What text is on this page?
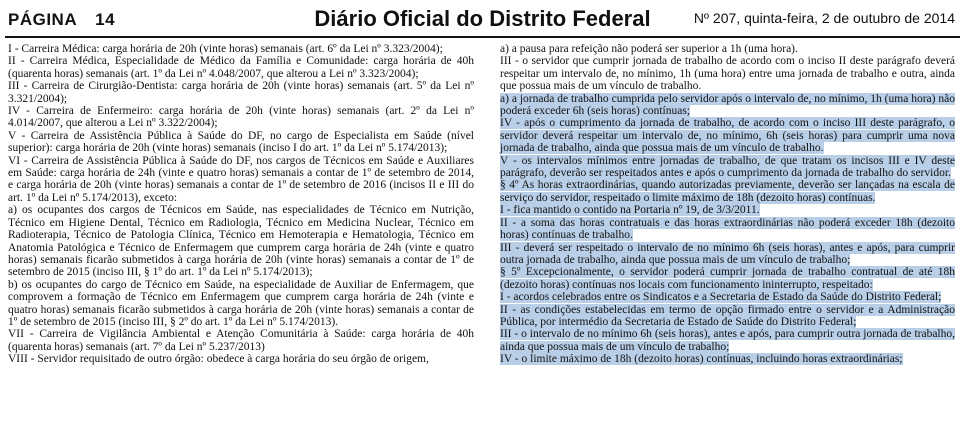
PÁGINA 14	Diário Oficial do Distrito Federal	Nº 207, quinta-feira, 2 de outubro de 2014

I - Carreira Médica: carga horária de 20h (vinte horas) semanais (art. 6º da Lei nº 3.323/2004);

II - Carreira Médica, Especialidade de Médico da Família e Comunidade: carga horária de 40h (quarenta horas) semanais (art. 1º da Lei nº 4.048/2007, que alterou a Lei nº 3.323/2004);

III - Carreira de Cirurgião-Dentista: carga horária de 20h (vinte horas) semanais (art. 5º da Lei nº 3.321/2004);

IV - Carreira de Enfermeiro: carga horária de 20h (vinte horas) semanais (art. 2º da Lei nº 4.014/2007, que alterou a Lei nº 3.322/2004);

V - Carreira de Assistência Pública à Saúde do DF, no cargo de Especialista em Saúde (nível superior): carga horária de 20h (vinte horas) semanais (inciso I do art. 1º da Lei nº 5.174/2013);

VI - Carreira de Assistência Pública à Saúde do DF, nos cargos de Técnicos em Saúde e Auxiliares em Saúde: carga horária de 24h (vinte e quatro horas) semanais a contar de 1º de setembro de 2014, e carga horária de 20h (vinte horas) semanais a contar de 1º de setembro de 2016 (incisos II e III do art. 1º da Lei nº 5.174/2013), exceto:

a) os ocupantes dos cargos de Técnicos em Saúde, nas especialidades de Técnico em Nutrição, Técnico em Higiene Dental, Técnico em Radiologia, Técnico em Medicina Nuclear, Técnico em Radioterapia, Técnico de Patologia Clínica, Técnico em Hemoterapia e Hematologia, Técnico em Anatomia Patológica e Técnico de Enfermagem que cumprem carga horária de 24h (vinte e quatro horas) semanais ficarão submetidos à carga horária de 20h (vinte horas) semanais a contar de 1º de setembro de 2015 (inciso III, § 1º do art. 1º da Lei nº 5.174/2013);

b) os ocupantes do cargo de Técnico em Saúde, na especialidade de Auxiliar de Enfermagem, que comprovem a formação de Técnico em Enfermagem que cumprem carga horária de 24h (vinte e quatro horas) semanais ficarão submetidos à carga horária de 20h (vinte horas) semanais a contar de 1º de setembro de 2015 (inciso III, § 2º do art. 1º da Lei nº 5.174/2013).

VII - Carreira de Vigilância Ambiental e Atenção Comunitária à Saúde: carga horária de 40h (quarenta horas) semanais (art. 7º da Lei nº 5.237/2013)

VIII - Servidor requisitado de outro órgão: obedece à carga horária do seu órgão de origem,

a) a pausa para refeição não poderá ser superior a 1h (uma hora).

III - o servidor que cumprir jornada de trabalho de acordo com o inciso II deste parágrafo deverá respeitar um intervalo de, no mínimo, 1h (uma hora) entre uma jornada de trabalho e outra, ainda que possua mais de um vínculo de trabalho.

a) a jornada de trabalho cumprida pelo servidor após o intervalo de, no mínimo, 1h (uma hora) não poderá exceder 6h (seis horas) contínuas;

IV - após o cumprimento da jornada de trabalho, de acordo com o inciso III deste parágrafo, o servidor deverá respeitar um intervalo de, no mínimo, 6h (seis horas) para cumprir uma nova jornada de trabalho, ainda que possua mais de um vínculo de trabalho.

V - os intervalos mínimos entre jornadas de trabalho, de que tratam os incisos III e IV deste parágrafo, deverão ser respeitados antes e após o cumprimento da jornada de trabalho do servidor.

§ 4º As horas extraordinárias, quando autorizadas previamente, deverão ser lançadas na escala de serviço do servidor, respeitado o limite máximo de 18h (dezoito horas) contínuas.

I - fica mantido o contido na Portaria nº 19, de 3/3/2011.

II - a soma das horas contratuais e das horas extraordinárias não poderá exceder 18h (dezoito horas) contínuas de trabalho.

III - deverá ser respeitado o intervalo de no mínimo 6h (seis horas), antes e após, para cumprir outra jornada de trabalho, ainda que possua mais de um vínculo de trabalho;

§ 5º Excepcionalmente, o servidor poderá cumprir jornada de trabalho contratual de até 18h (dezoito horas) contínuas nos locais com funcionamento ininterrupto, respeitado:

I - acordos celebrados entre os Sindicatos e a Secretaria de Estado da Saúde do Distrito Federal;

II - as condições estabelecidas em termo de opção firmado entre o servidor e a Administração Pública, por intermédio da Secretaria de Estado de Saúde do Distrito Federal;

III - o intervalo de no mínimo 6h (seis horas), antes e após, para cumprir outra jornada de trabalho, ainda que possua mais de um vínculo de trabalho;

IV - o limite máximo de 18h (dezoito horas) contínuas, incluindo horas extraordinárias;
